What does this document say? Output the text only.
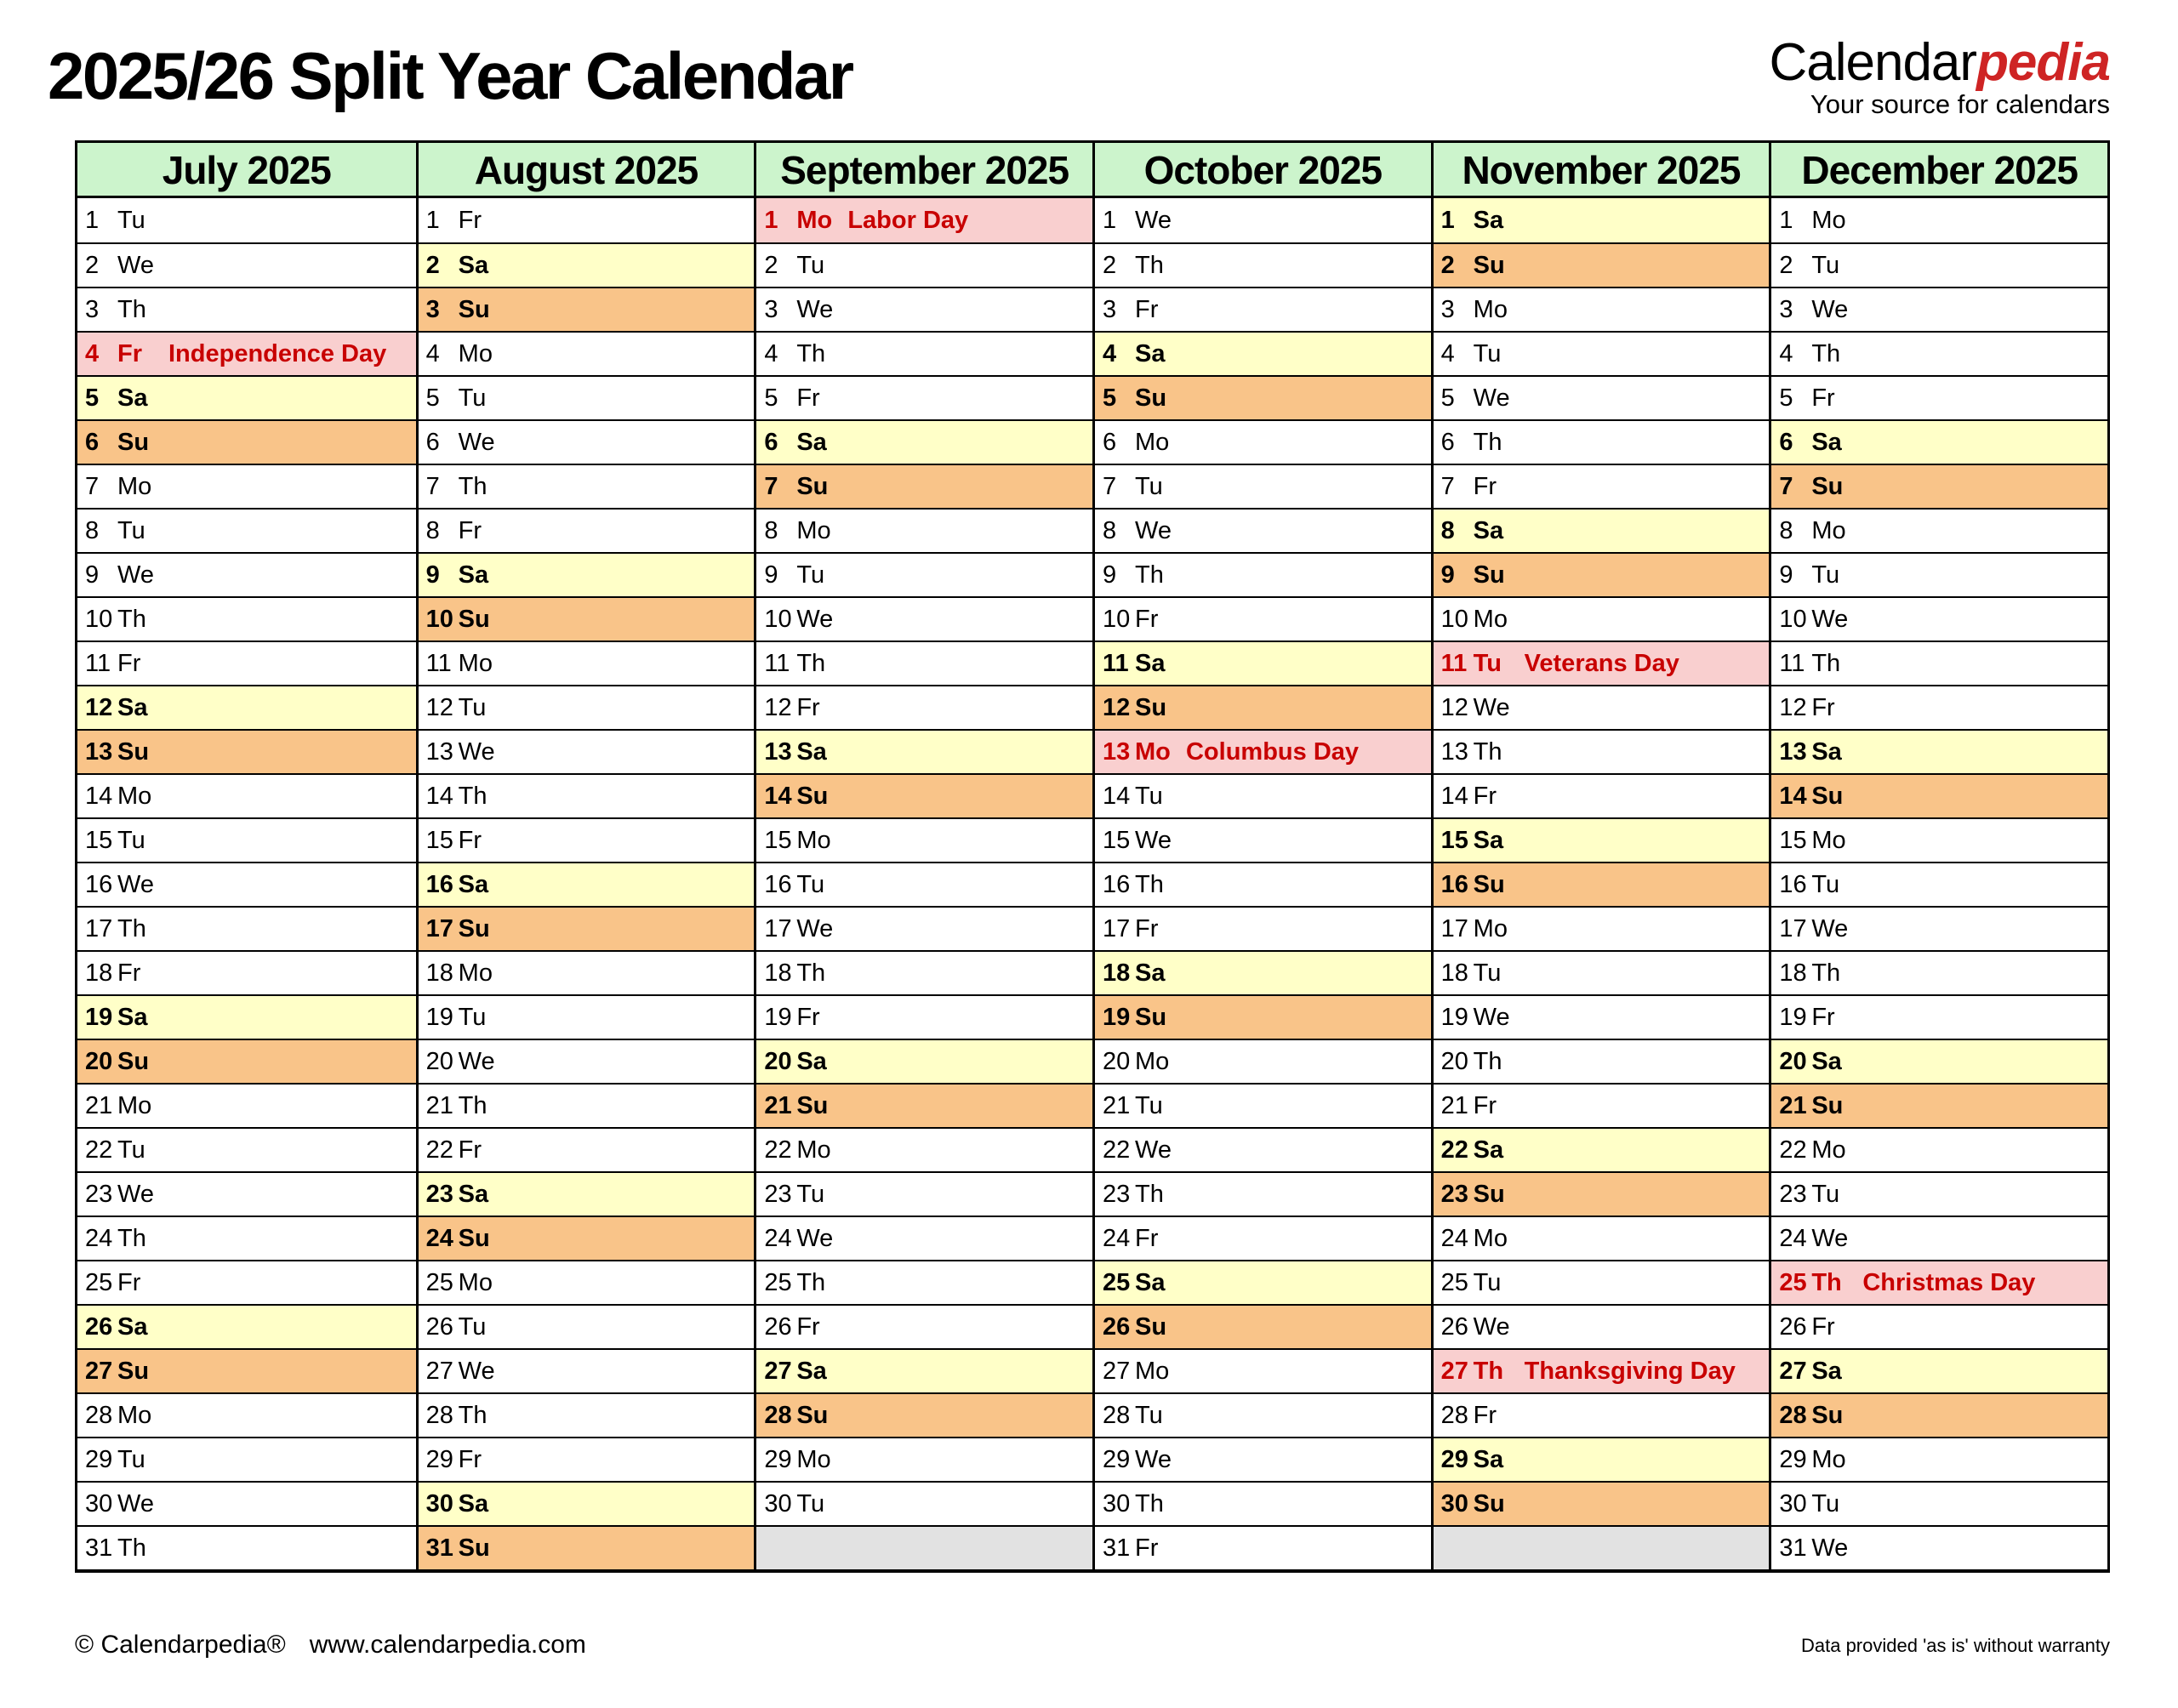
2025/26 Split Year Calendar	Calendarpedia
Your source for calendars
July 2025
1 Tu
2 We
3 Th
4 Fr	Independence Day
5 Sa
6 Su
7 Mo
8 Tu
9 We
10 Th
11 Fr
12 Sa
13 Su
14 Mo
15 Tu
16 We
17 Th
18 Fr
19 Sa
20 Su
21 Mo
22 Tu
23 We
24 Th
25 Fr
26 Sa
27 Su
28 Mo
29 Tu
30 We
31 Th
August 2025
1 Fr
2 Sa
3 Su
4 Mo
5 Tu
6 We
7 Th
8 Fr
9 Sa
10 Su
11 Mo
12 Tu
13 We
14 Th
15 Fr
16 Sa
17 Su
18 Mo
19 Tu
20 We
21 Th
22 Fr
23 Sa
24 Su
25 Mo
26 Tu
27 We
28 Th
29 Fr
30 Sa
31 Su
September 2025
1 Mo Labor Day
2 Tu
3 We
4 Th
5 Fr
6 Sa
7 Su
8 Mo
9 Tu
10 We
11 Th
12 Fr
13 Sa
14 Su
15 Mo
16 Tu
17 We
18 Th
19 Fr
20 Sa
21 Su
22 Mo
23 Tu
24 We
25 Th
26 Fr
27 Sa
28 Su
29 Mo
30 Tu
October 2025
1 We
2 Th
3 Fr
4 Sa
5 Su
6 Mo
7 Tu
8 We
9 Th
10 Fr
11 Sa
12 Su
13 Mo Columbus Day
14 Tu
15 We
16 Th
17 Fr
18 Sa
19 Su
20 Mo
21 Tu
22 We
23 Th
24 Fr
25 Sa
26 Su
27 Mo
28 Tu
29 We
30 Th
31 Fr
November 2025
1 Sa
2 Su
3 Mo
4 Tu
5 We
6 Th
7 Fr
8 Sa
9 Su
10 Mo
11 Tu Veterans Day
12 We
13 Th
14 Fr
15 Sa
16 Su
17 Mo
18 Tu
19 We
20 Th
21 Fr
22 Sa
23 Su
24 Mo
25 Tu
26 We
27 Th Thanksgiving Day
28 Fr
29 Sa
30 Su
December 2025
1 Mo
2 Tu
3 We
4 Th
5 Fr
6 Sa
7 Su
8 Mo
9 Tu
10 We
11 Th
12 Fr
13 Sa
14 Su
15 Mo
16 Tu
17 We
18 Th
19 Fr
20 Sa
21 Su
22 Mo
23 Tu
24 We
25 Th Christmas Day
26 Fr
27 Sa
28 Su
29 Mo
30 Tu
31 We
© Calendarpedia® www.calendarpedia.com	Data provided 'as is' without warranty
